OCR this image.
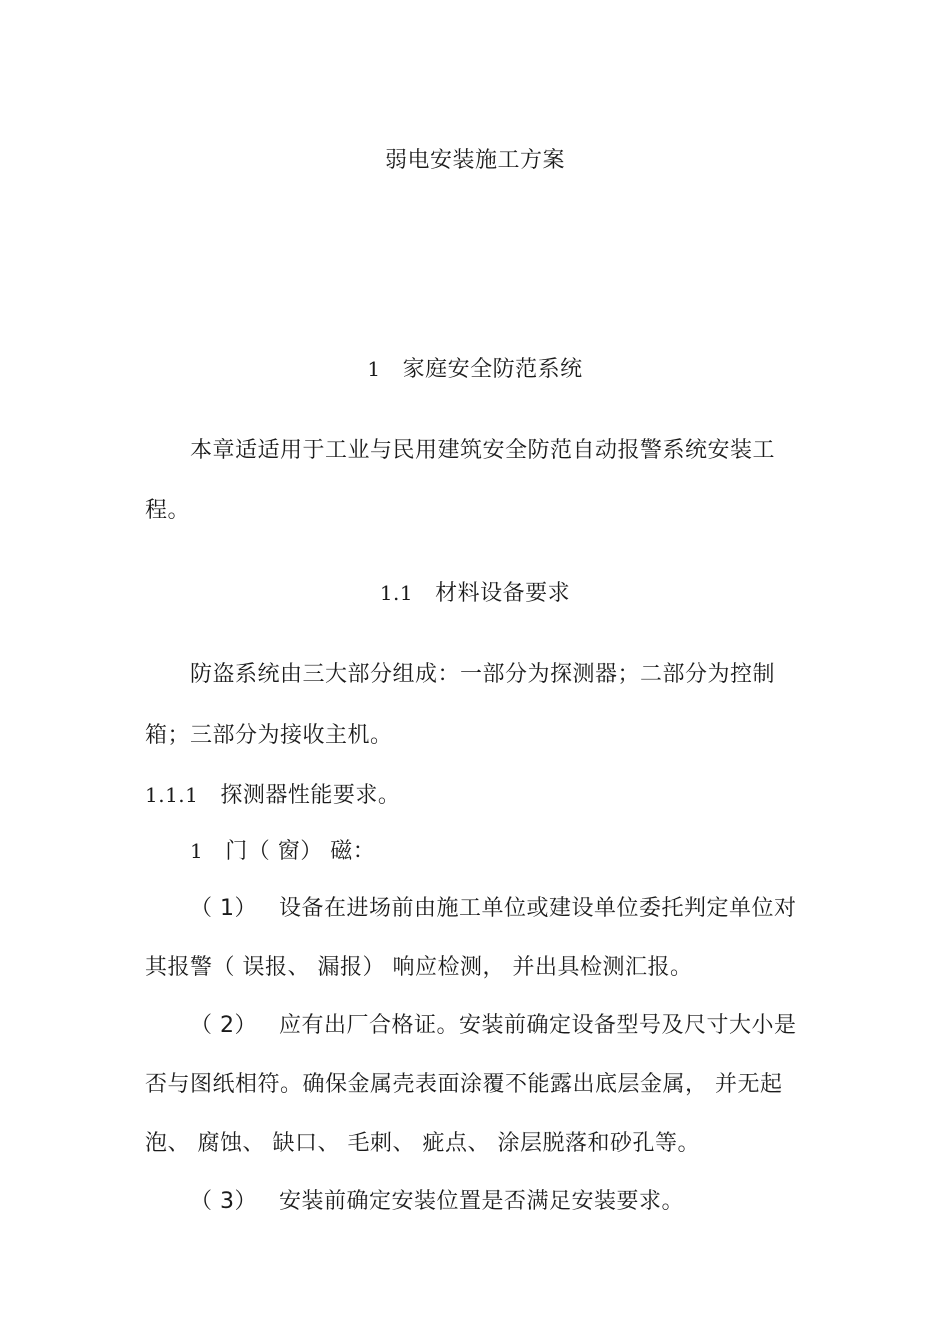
弱电安装施工方案
1 家庭安全防范系统
本章适适用于工业与民用建筑安全防范自动报警系统安装工
程。
1.1 材料设备要求
防盗系统由三大部分组成：一部分为探测器；二部分为控制
箱；三部分为接收主机。
1.1.1 探测器性能要求。
1 门（ 窗） 磁：
（ 1） 设备在进场前由施工单位或建设单位委托判定单位对
其报警（ 误报、 漏报） 响应检测， 并出具检测汇报。
（ 2） 应有出厂合格证。安装前确定设备型号及尺寸大小是
否与图纸相符。确保金属壳表面涂覆不能露出底层金属， 并无起
泡、 腐蚀、 缺口、 毛刺、 疵点、 涂层脱落和砂孔等。
（ 3） 安装前确定安装位置是否满足安装要求。
